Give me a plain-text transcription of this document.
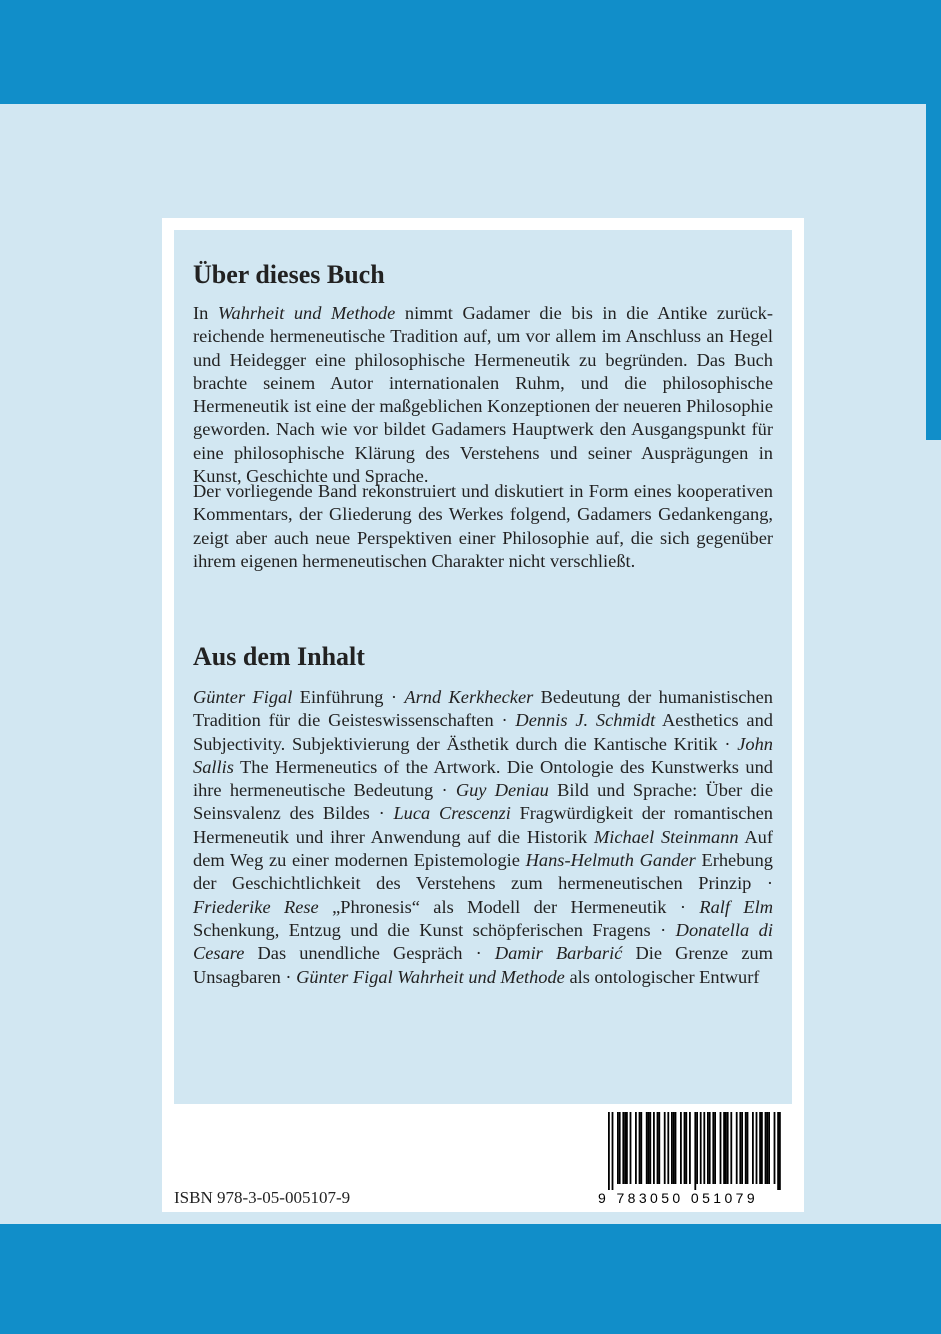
Über dieses Buch

In Wahrheit und Methode nimmt Gadamer die bis in die Antike zurückreichende hermeneutische Tradition auf, um vor allem im Anschluss an Hegel und Heidegger eine philosophische Hermeneutik zu begründen. Das Buch brachte seinem Autor internationalen Ruhm, und die philosophische Hermeneutik ist eine der maßgeblichen Konzeptionen der neueren Philosophie geworden. Nach wie vor bildet Gadamers Hauptwerk den Ausgangspunkt für eine philosophische Klärung des Verstehens und seiner Ausprägungen in Kunst, Geschichte und Sprache.

Der vorliegende Band rekonstruiert und diskutiert in Form eines kooperativen Kommentars, der Gliederung des Werkes folgend, Gadamers Gedankengang, zeigt aber auch neue Perspektiven einer Philosophie auf, die sich gegenüber ihrem eigenen hermeneutischen Charakter nicht verschließt.

Aus dem Inhalt

Günter Figal Einführung · Arnd Kerkhecker Bedeutung der humanistischen Tradition für die Geisteswissenschaften · Dennis J. Schmidt Aesthetics and Subjectivity. Subjektivierung der Ästhetik durch die Kantische Kritik · John Sallis The Hermeneutics of the Artwork. Die Ontologie des Kunstwerks und ihre hermeneutische Bedeutung · Guy Deniau Bild und Sprache: Über die Seinsvalenz des Bildes · Luca Crescenzi Fragwürdigkeit der romantischen Hermeneutik und ihrer Anwendung auf die Historik Michael Steinmann Auf dem Weg zu einer modernen Epistemologie Hans-Helmuth Gander Erhebung der Geschichtlichkeit des Verstehens zum hermeneutischen Prinzip · Friederike Rese „Phronesis“ als Modell der Hermeneutik · Ralf Elm Schenkung, Entzug und die Kunst schöpferischen Fragens · Donatella di Cesare Das unendliche Gespräch · Damir Barbarić Die Grenze zum Unsagbaren · Günter Figal Wahrheit und Methode als ontologischer Entwurf

ISBN 978-3-05-005107-9	9 783050 051079
